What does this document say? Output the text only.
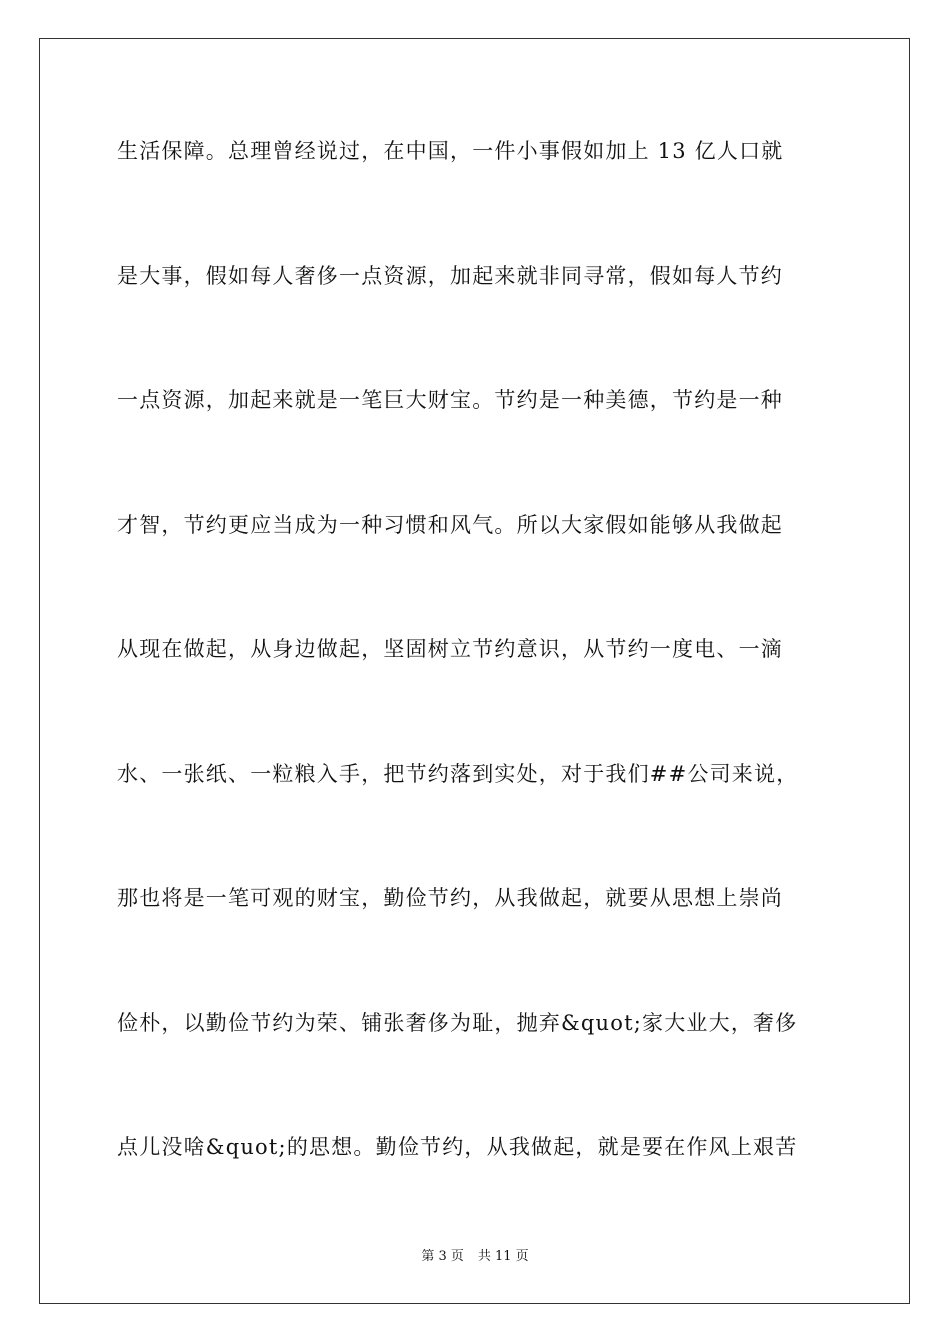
生活保障。总理曾经说过，在中国，一件小事假如加上 13 亿人口就
是大事，假如每人奢侈一点资源，加起来就非同寻常，假如每人节约
一点资源，加起来就是一笔巨大财宝。节约是一种美德，节约是一种
才智，节约更应当成为一种习惯和风气。所以大家假如能够从我做起
从现在做起，从身边做起，坚固树立节约意识，从节约一度电、一滴
水、一张纸、一粒粮入手，把节约落到实处，对于我们##公司来说，
那也将是一笔可观的财宝，勤俭节约，从我做起，就要从思想上崇尚
俭朴，以勤俭节约为荣、铺张奢侈为耻，抛弃&quot;家大业大，奢侈
点儿没啥&quot;的思想。勤俭节约，从我做起，就是要在作风上艰苦
第 3 页 共 11 页
